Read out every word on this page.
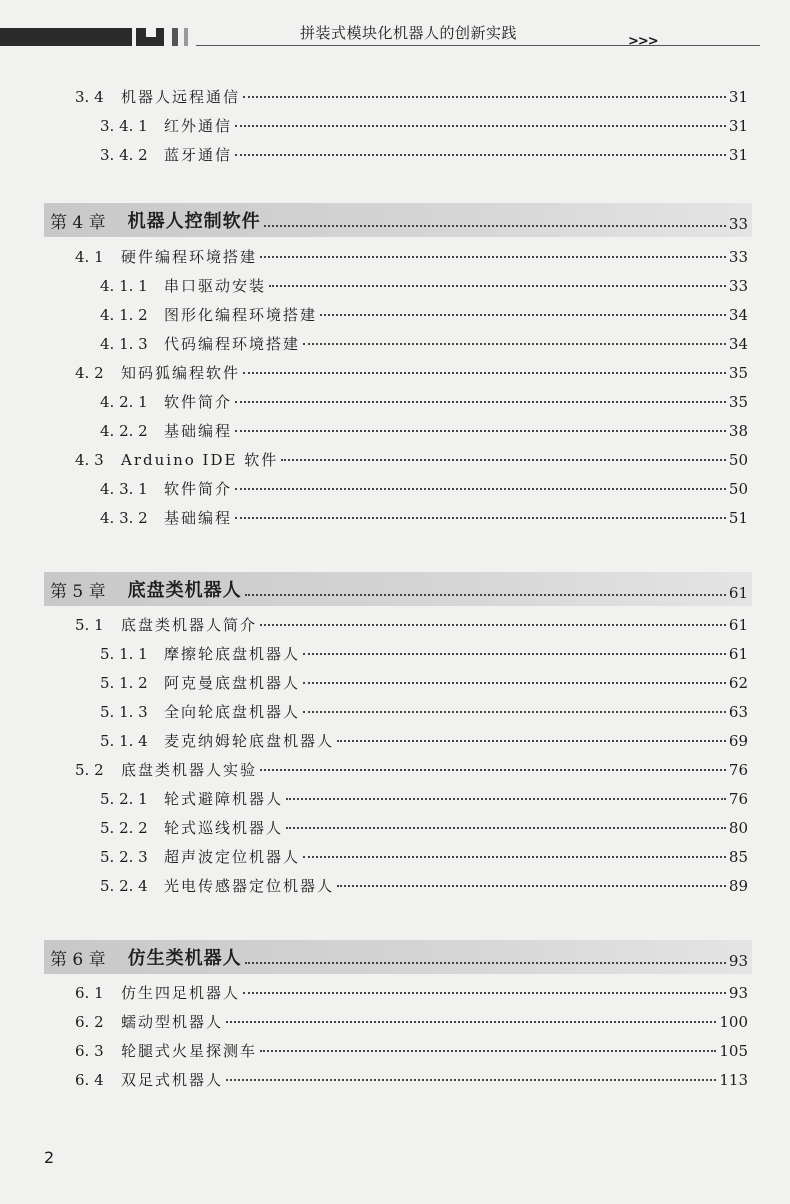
拼装式模块化机器人的创新实践	>>>
3. 4 机器人远程通信	31
3. 4. 1 红外通信	31
3. 4. 2 蓝牙通信	31
第 4 章 机器人控制软件	33
4. 1 硬件编程环境搭建	33
4. 1. 1 串口驱动安装	33
4. 1. 2 图形化编程环境搭建	34
4. 1. 3 代码编程环境搭建	34
4. 2 知码狐编程软件	35
4. 2. 1 软件简介	35
4. 2. 2 基础编程	38
4. 3 Arduino IDE 软件	50
4. 3. 1 软件简介	50
4. 3. 2 基础编程	51
第 5 章 底盘类机器人	61
5. 1 底盘类机器人简介	61
5. 1. 1 摩擦轮底盘机器人	61
5. 1. 2 阿克曼底盘机器人	62
5. 1. 3 全向轮底盘机器人	63
5. 1. 4 麦克纳姆轮底盘机器人	69
5. 2 底盘类机器人实验	76
5. 2. 1 轮式避障机器人	76
5. 2. 2 轮式巡线机器人	80
5. 2. 3 超声波定位机器人	85
5. 2. 4 光电传感器定位机器人	89
第 6 章 仿生类机器人	93
6. 1 仿生四足机器人	93
6. 2 蠕动型机器人	100
6. 3 轮腿式火星探测车	105
6. 4 双足式机器人	113
2
